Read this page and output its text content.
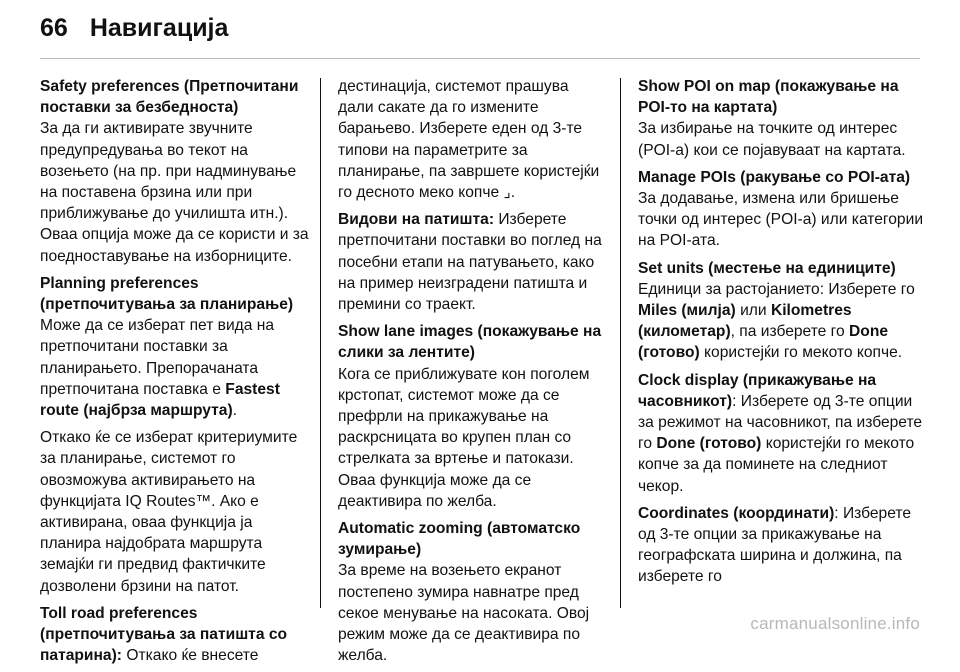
66 Навигација

Safety preferences (Претпочитани поставки за безбедноста)
За да ги активирате звучните предупредувања во текот на возењето (на пр. при надминување на поставена брзина или при приближување до училишта итн.). Оваа опција може да се користи и за поедноставување на изборниците.

Planning preferences (претпочитувања за планирање)
Може да се изберат пет вида на претпочитани поставки за планирањето. Препорачаната претпочитана поставка е Fastest route (најбрза маршрута).

Откако ќе се изберат критериумите за планирање, системот го овозможува активирањето на функцијата IQ Routes™. Ако е активирана, оваа функција ја планира најдобрата маршрута земајќи ги предвид фактичките дозволени брзини на патот.

Toll road preferences (претпочитувања за патишта со патарина): Откако ќе внесете

дестинација, системот прашува дали сакате да го измените барањево. Изберете еден од 3-те типови на параметрите за планирање, па завршете користејќи го десното меко копче ⌟.

Видови на патишта: Изберете претпочитани поставки во поглед на посебни етапи на патувањето, како на пример неизградени патишта и премини со траект.

Show lane images (покажување на слики за лентите)
Кога се приближувате кон поголем крстопат, системот може да се префрли на прикажување на раскрсницата во крупен план со стрелката за вртење и патокази. Оваа функција може да се деактивира по желба.

Automatic zooming (автоматско зумирање)
За време на возењето екранот постепено зумира навнатре пред секое менување на насоката. Овој режим може да се деактивира по желба.

Show POI on map (покажување на POI-то на картата)
За избирање на точките од интерес (POI-а) кои се појавуваат на картата.

Manage POIs (ракување со POI-ата)
За додавање, измена или бришење точки од интерес (POI-а) или категории на POI-ата.

Set units (местење на единиците)
Единици за растојанието: Изберете го Miles (милја) или Kilometres (километар), па изберете го Done (готово) користејќи го мекото копче.

Clock display (прикажување на часовникот): Изберете од 3-те опции за режимот на часовникот, па изберете го Done (готово) користејќи го мекото копче за да поминете на следниот чекор.

Coordinates (координати): Изберете од 3-те опции за прикажување на географската ширина и должина, па изберете го

carmanualsonline.info
